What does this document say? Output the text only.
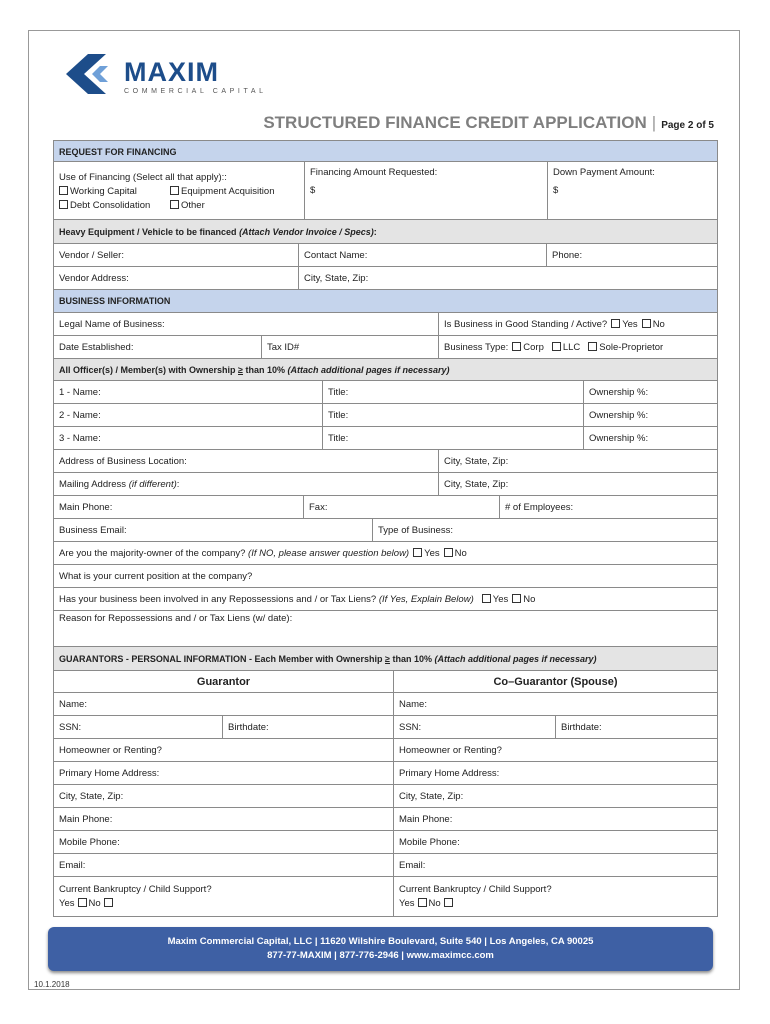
MAXIM
COMMERCIAL CAPITAL
STRUCTURED FINANCE CREDIT APPLICATION | Page 2 of 5
REQUEST FOR FINANCING
Use of Financing (Select all that apply)::
Working Capital	Equipment Acquisition
Debt Consolidation	Other
Financing Amount Requested:
$
Down Payment Amount:
$
Heavy Equipment / Vehicle to be financed (Attach Vendor Invoice / Specs):
Vendor / Seller:	Contact Name:	Phone:
Vendor Address:	City, State, Zip:
BUSINESS INFORMATION
Legal Name of Business:	Is Business in Good Standing / Active? Yes No
Date Established:	Tax ID#	Business Type: Corp LLC Sole-Proprietor
All Officer(s) / Member(s) with Ownership ≥ than 10% (Attach additional pages if necessary)
1 - Name:	Title:	Ownership %:
2 - Name:	Title:	Ownership %:
3 - Name:	Title:	Ownership %:
Address of Business Location:	City, State, Zip:
Mailing Address (if different):	City, State, Zip:
Main Phone:	Fax:	# of Employees:
Business Email:	Type of Business:
Are you the majority-owner of the company? (If NO, please answer question below) Yes No
What is your current position at the company?
Has your business been involved in any Repossessions and / or Tax Liens? (If Yes, Explain Below) Yes No
Reason for Repossessions and / or Tax Liens (w/ date):
GUARANTORS - PERSONAL INFORMATION - Each Member with Ownership ≥ than 10% (Attach additional pages if necessary)
Guarantor	Co–Guarantor (Spouse)
Name:	Name:
SSN:	Birthdate:	SSN:	Birthdate:
Homeowner or Renting?	Homeowner or Renting?
Primary Home Address:	Primary Home Address:
City, State, Zip:	City, State, Zip:
Main Phone:	Main Phone:
Mobile Phone:	Mobile Phone:
Email:	Email:
Current Bankruptcy / Child Support?
Yes No
Current Bankruptcy / Child Support?
Yes No
Maxim Commercial Capital, LLC | 11620 Wilshire Boulevard, Suite 540 | Los Angeles, CA 90025
877-77-MAXIM | 877-776-2946 | www.maximcc.com
10.1.2018
